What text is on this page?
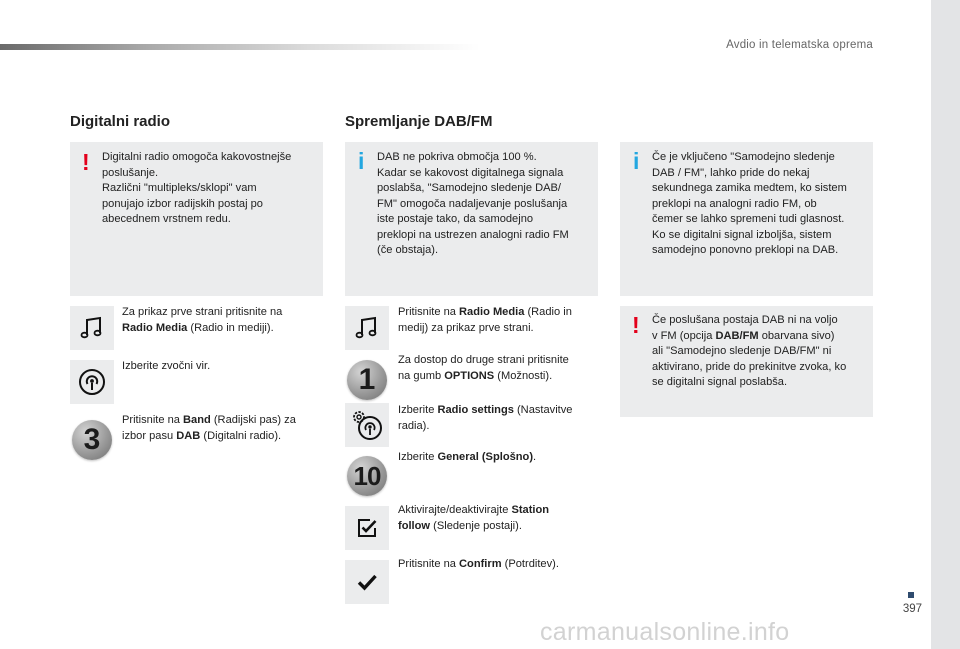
Avdio in telematska oprema
Digitalni radio
! Digitalni radio omogoča kakovostnejše
poslušanje.
Različni "multipleks/sklopi" vam
ponujajo izbor radijskih postaj po
abecednem vrstnem redu.
Za prikaz prve strani pritisnite na
Radio Media (Radio in mediji).
Izberite zvočni vir.
3
Pritisnite na Band (Radijski pas) za
izbor pasu DAB (Digitalni radio).
Spremljanje DAB/FM
i DAB ne pokriva območja 100 %.
Kadar se kakovost digitalnega signala
poslabša, "Samodejno sledenje DAB/
FM" omogoča nadaljevanje poslušanja
iste postaje tako, da samodejno
preklopi na ustrezen analogni radio FM
(če obstaja).
Pritisnite na Radio Media (Radio in
medij) za prikaz prve strani.
1
Za dostop do druge strani pritisnite
na gumb OPTIONS (Možnosti).
Izberite Radio settings (Nastavitve
radia).
10
Izberite General (Splošno).
Aktivirajte/deaktivirajte Station
follow (Sledenje postaji).
Pritisnite na Confirm (Potrditev).
i Če je vključeno "Samodejno sledenje
DAB / FM", lahko pride do nekaj
sekundnega zamika medtem, ko sistem
preklopi na analogni radio FM, ob
čemer se lahko spremeni tudi glasnost.
Ko se digitalni signal izboljša, sistem
samodejno ponovno preklopi na DAB.
! Če poslušana postaja DAB ni na voljo
v FM (opcija DAB/FM obarvana sivo)
ali "Samodejno sledenje DAB/FM" ni
aktivirano, pride do prekinitve zvoka, ko
se digitalni signal poslabša.
397
carmanualsonline.info
